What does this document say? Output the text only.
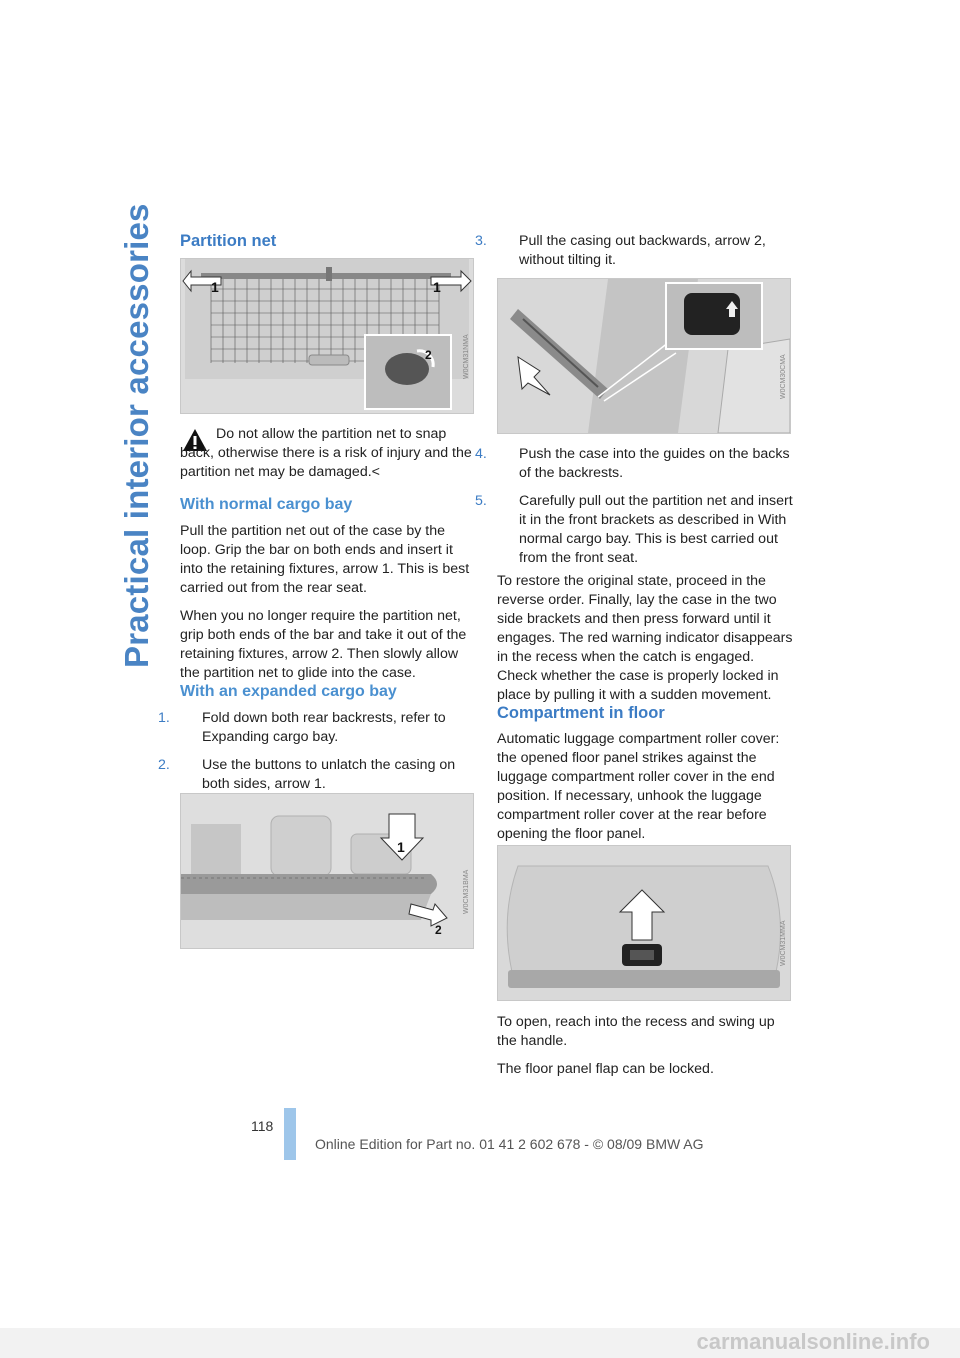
Practical interior accessories Partition net
1	1
2	W0CM31NMA

Do not allow the partition net to snap back, otherwise there is a risk of injury and the partition net may be damaged.<

With normal cargo bay

Pull the partition net out of the case by the loop. Grip the bar on both ends and insert it into the retaining fixtures, arrow 1. This is best carried out from the rear seat.

When you no longer require the partition net, grip both ends of the bar and take it out of the retaining fixtures, arrow 2. Then slowly allow the partition net to glide into the case.

With an expanded cargo bay

1. Fold down both rear backrests, refer to Expanding cargo bay.

2. Use the buttons to unlatch the casing on both sides, arrow 1.

1
2
W0CM31BMA

3. Pull the casing out backwards, arrow 2, without tilting it.

W0CM30CMA

4. Push the case into the guides on the backs of the backrests.

5. Carefully pull out the partition net and insert it in the front brackets as described in With normal cargo bay. This is best carried out from the front seat.

To restore the original state, proceed in the reverse order. Finally, lay the case in the two side brackets and then press forward until it engages. The red warning indicator disappears in the recess when the catch is engaged. Check whether the case is properly locked in place by pulling it with a sudden movement.

Compartment in floor

Automatic luggage compartment roller cover: the opened floor panel strikes against the luggage compartment roller cover in the end position. If necessary, unhook the luggage compartment roller cover at the rear before opening the floor panel.

W0CM31MMA

To open, reach into the recess and swing up the handle.

The floor panel flap can be locked.

118
Online Edition for Part no. 01 41 2 602 678 - © 08/09 BMW AG
carmanualsonline.info
